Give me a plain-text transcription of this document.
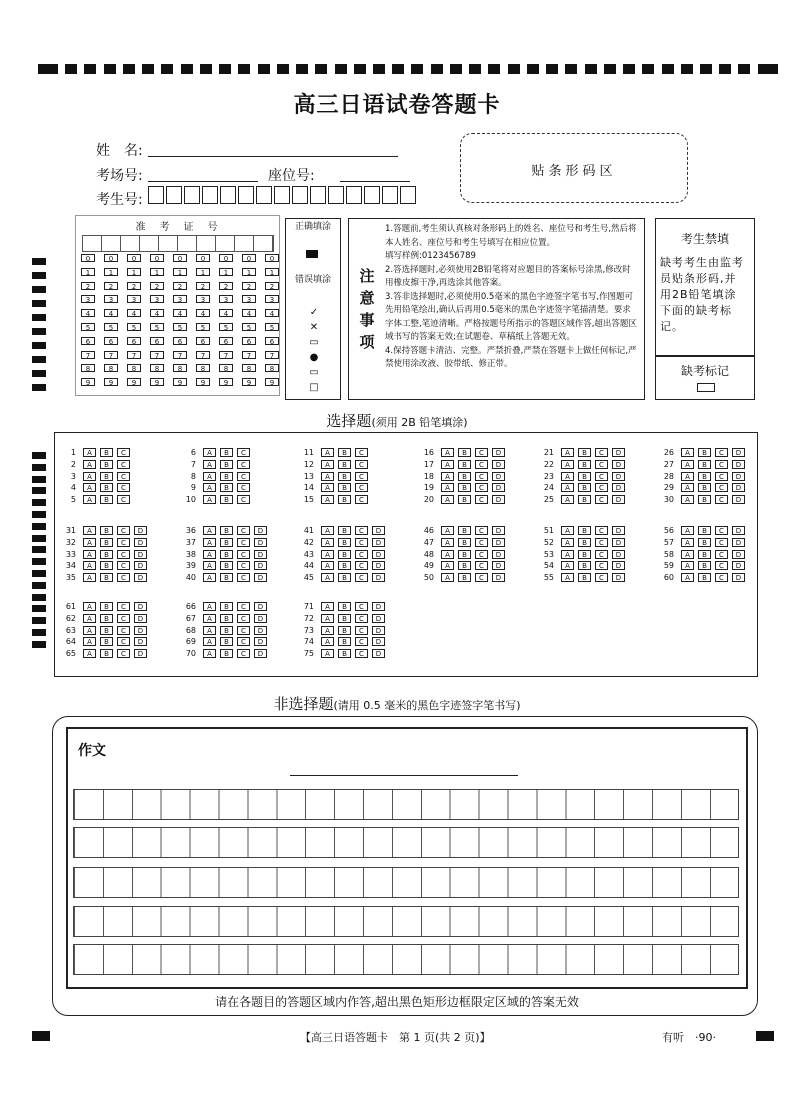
高三日语试卷答题卡
姓　名:
考场号:	座位号:
考生号:
贴条形码区
准　考　证　号
0	0	0	0	0	0	0	0	0
1	1	1	1	1	1	1	1	1
2	2	2	2	2	2	2	2	2
3	3	3	3	3	3	3	3	3
4	4	4	4	4	4	4	4	4
5	5	5	5	5	5	5	5	5
6	6	6	6	6	6	6	6	6
7	7	7	7	7	7	7	7	7
8	8	8	8	8	8	8	8	8
9	9	9	9	9	9	9	9	9
正确填涂
错误填涂
✓
✕
▭
●
▭
□
注意事项
1.答题前,考生须认真核对条形码上的姓名、座位号和考生号,然后将本人姓名、座位号和考生号填写在相应位置。
填写样例:0123456789
2.答选择题时,必须使用2B铅笔将对应题目的答案标号涂黑,修改时用橡皮擦干净,再选涂其他答案。
3.答非选择题时,必须使用0.5毫米的黑色字迹签字笔书写,作图题可先用铅笔绘出,确认后再用0.5毫米的黑色字迹签字笔描清楚。要求字体工整,笔迹清晰。严格按题号所指示的答题区域作答,超出答题区域书写的答案无效;在试题卷、草稿纸上答题无效。
4.保持答题卡清洁、完整。严禁折叠,严禁在答题卡上做任何标记,严禁使用涂改液、胶带纸、修正带。
考生禁填
缺考考生由监考员贴条形码,并用2B铅笔填涂下面的缺考标记。
缺考标记
选择题(须用 2B 铅笔填涂)
1	A	B	C
2	A	B	C
3	A	B	C
4	A	B	C
5	A	B	C
6	A	B	C
7	A	B	C
8	A	B	C
9	A	B	C
10	A	B	C
11	A	B	C
12	A	B	C
13	A	B	C
14	A	B	C
15	A	B	C
16	A	B	C	D
17	A	B	C	D
18	A	B	C	D
19	A	B	C	D
20	A	B	C	D
21	A	B	C	D
22	A	B	C	D
23	A	B	C	D
24	A	B	C	D
25	A	B	C	D
26	A	B	C	D
27	A	B	C	D
28	A	B	C	D
29	A	B	C	D
30	A	B	C	D
31	A	B	C	D
32	A	B	C	D
33	A	B	C	D
34	A	B	C	D
35	A	B	C	D
36	A	B	C	D
37	A	B	C	D
38	A	B	C	D
39	A	B	C	D
40	A	B	C	D
41	A	B	C	D
42	A	B	C	D
43	A	B	C	D
44	A	B	C	D
45	A	B	C	D
46	A	B	C	D
47	A	B	C	D
48	A	B	C	D
49	A	B	C	D
50	A	B	C	D
51	A	B	C	D
52	A	B	C	D
53	A	B	C	D
54	A	B	C	D
55	A	B	C	D
56	A	B	C	D
57	A	B	C	D
58	A	B	C	D
59	A	B	C	D
60	A	B	C	D
61	A	B	C	D
62	A	B	C	D
63	A	B	C	D
64	A	B	C	D
65	A	B	C	D
66	A	B	C	D
67	A	B	C	D
68	A	B	C	D
69	A	B	C	D
70	A	B	C	D
71	A	B	C	D
72	A	B	C	D
73	A	B	C	D
74	A	B	C	D
75	A	B	C	D
非选择题(请用 0.5 毫米的黑色字迹签字笔书写)
作文
请在各题目的答题区域内作答,超出黑色矩形边框限定区域的答案无效
【高三日语答题卡　第 1 页(共 2 页)】	有听　·90·
